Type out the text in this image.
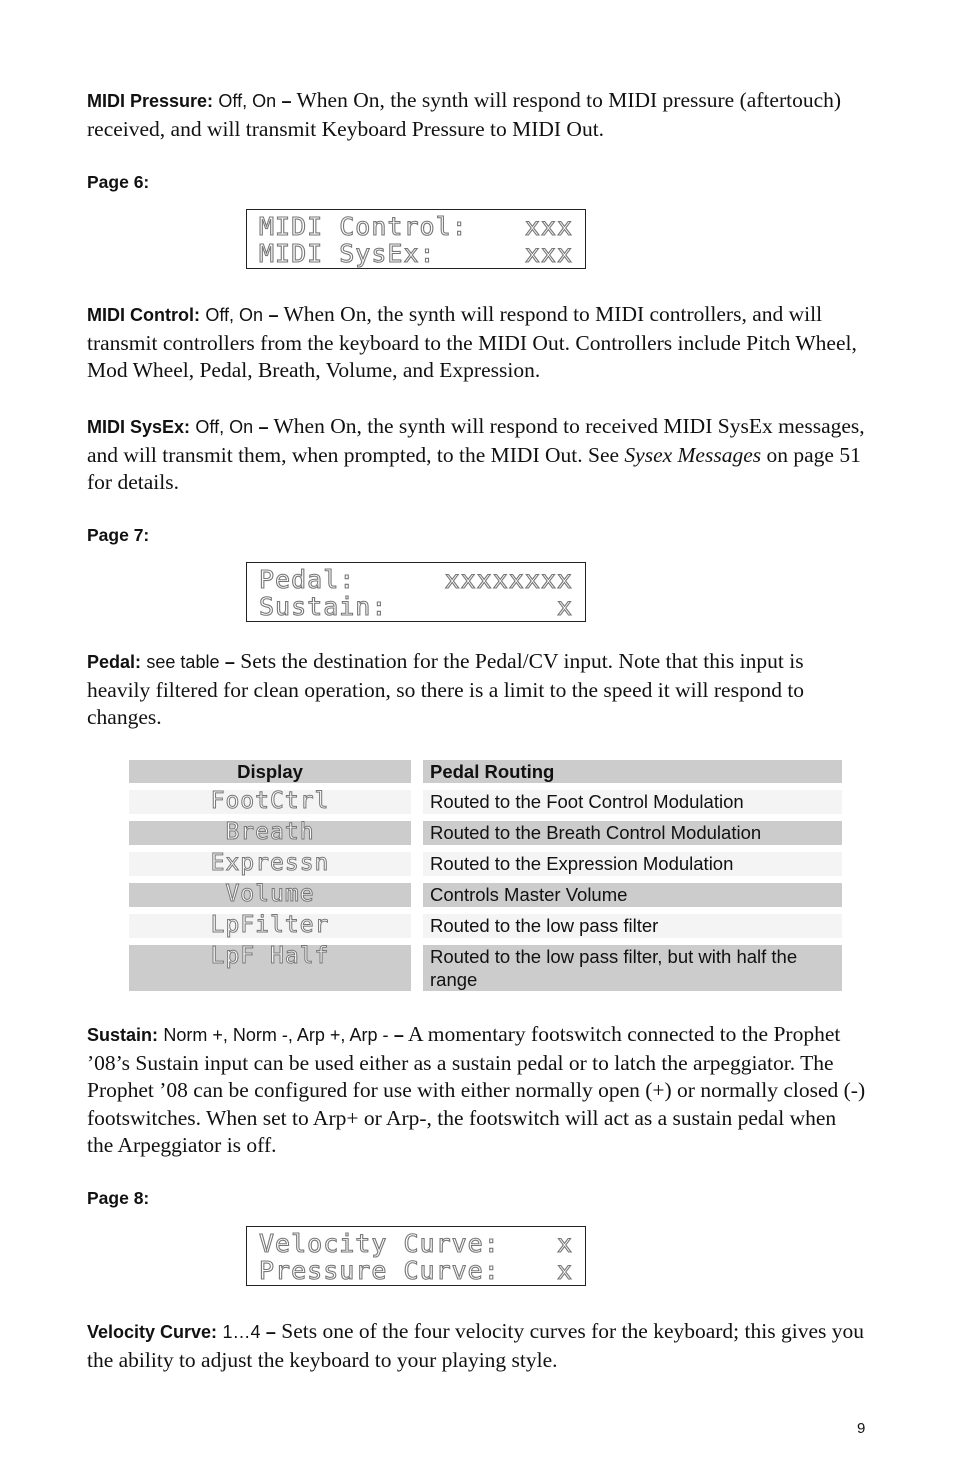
MIDI Pressure: Off, On – When On, the synth will respond to MIDI pressure (aftertouch) received, and will transmit Keyboard Pressure to MIDI Out.
Page 6:
MIDI Control: xxx
MIDI SysEx:	xxx
MIDI Control: Off, On – When On, the synth will respond to MIDI controllers, and will transmit controllers from the keyboard to the MIDI Out. Controllers include Pitch Wheel, Mod Wheel, Pedal, Breath, Volume, and Expression.
MIDI SysEx: Off, On – When On, the synth will respond to received MIDI SysEx messages, and will transmit them, when prompted, to the MIDI Out. See Sysex Messages on page 51 for details.
Page 7:
Pedal:	xxxxxxxx
Sustain:	x
Pedal: see table – Sets the destination for the Pedal/CV input. Note that this input is heavily filtered for clean operation, so there is a limit to the speed it will respond to changes.
Display	Pedal Routing
FootCtrl	Routed to the Foot Control Modulation
Breath	Routed to the Breath Control Modulation
Expressn	Routed to the Expression Modulation
Volume	Controls Master Volume
LpFilter	Routed to the low pass filter
LpF Half	Routed to the low pass filter, but with half the range
Sustain: Norm +, Norm -, Arp +, Arp - – A momentary footswitch connected to the Prophet ’08’s Sustain input can be used either as a sustain pedal or to latch the arpeggiator. The Prophet ’08 can be configured for use with either normally open (+) or normally closed (-) footswitches. When set to Arp+ or Arp-, the footswitch will act as a sustain pedal when the Arpeggiator is off.
Page 8:
Velocity Curve: x
Pressure Curve: x
Velocity Curve: 1…4 – Sets one of the four velocity curves for the keyboard; this gives you the ability to adjust the keyboard to your playing style.
9
